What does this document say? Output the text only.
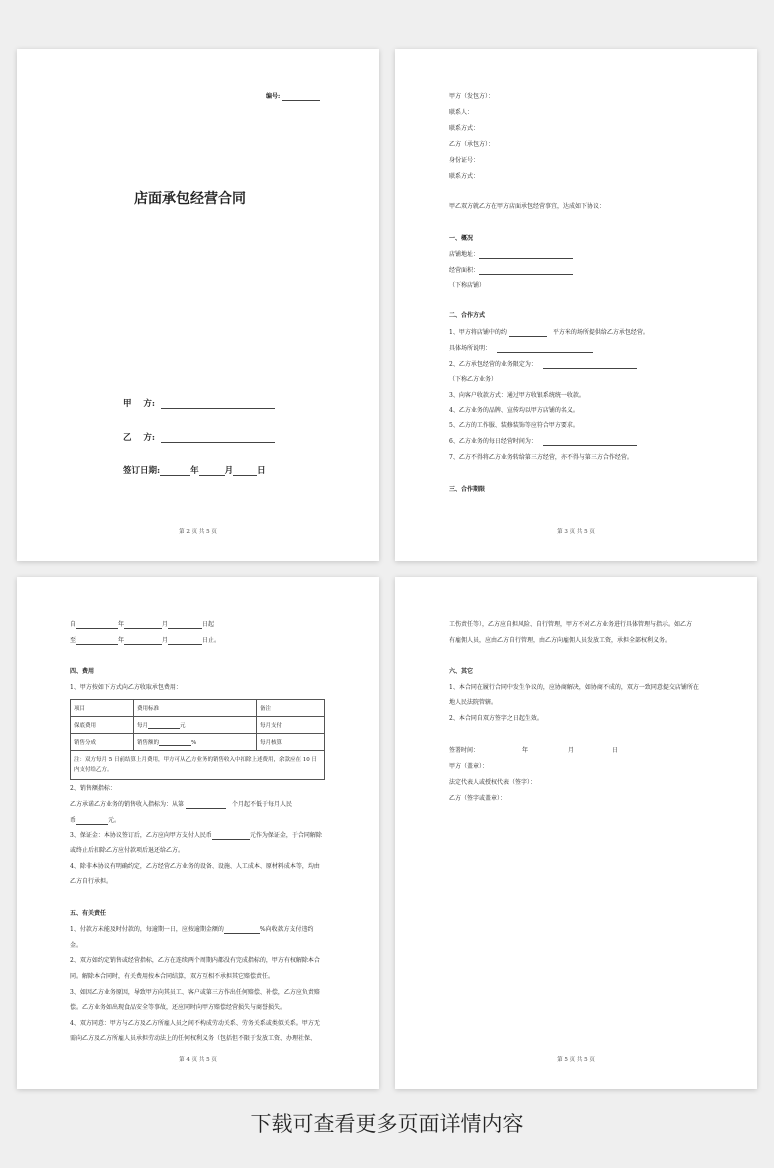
编号:
店面承包经营合同
甲    方:
乙    方:
签订日期:	年	月	日
第 2 页 共 5 页
甲方（发包方）：
联系人：
联系方式：
乙方（承包方）：
身份证号：
联系方式：
甲乙双方就乙方在甲方店面承包经营事宜，达成如下协议：
一、概况
店铺地址：
经营面积：
（下称店铺）
二、合作方式
1、甲方将店铺中的约	平方米的场所提供给乙方承包经营。
具体场所说明：
2、乙方承包经营的业务限定为：
（下称乙方业务）
3、向客户收款方式：通过甲方收银系统统一收款。
4、乙方业务的品牌、宣传均以甲方店铺的名义。
5、乙方的工作服、装修装饰等应符合甲方要求。
6、乙方业务的每日经营时间为：
7、乙方不得将乙方业务转给第三方经营，亦不得与第三方合作经营。
三、合作期限
第 3 页 共 5 页
自	年	月	日起
至	年	月	日止。
四、费用
1、甲方按如下方式向乙方收取承包费用：
项目	费用标准	备注
保底费用	每月 元	每月支付
销售分成	销售额的 %	每月核算
注：双方每月 5 日前结算上月费用，甲方可从乙方业务的销售收入中扣除上述费用，余款应在 10 日内支付给乙方。		
2、销售额指标：
乙方承诺乙方业务的销售收入指标为：从第	个月起不低于每月人民
币	元。
3、保证金：本协议签订后，乙方应向甲方支付人民币	元作为保证金，于合同解除
或终止后扣除乙方应付款项后退还给乙方。
4、除非本协议有明确约定，乙方经营乙方业务的设备、设施、人工成本、原材料成本等，均由
乙方自行承担。
五、有关责任
1、付款方未能及时付款的，每逾期一日，应按逾期金额的	%向收款方支付违约
金。
2、双方如约定销售或经营指标，乙方在连续两个周期内都没有完成指标的，甲方有权解除本合
同。解除本合同时，有关费用按本合同结算，双方互相不承担其它赔偿责任。
3、如因乙方业务原因，导致甲方向其员工、客户或第三方作出任何赔偿、补偿，乙方应负责赔
偿。乙方业务如出现食品安全等事故，还应同时向甲方赔偿经营损失与商誉损失。
4、双方同意：甲方与乙方及乙方所雇人员之间不构成劳动关系、劳务关系或类似关系。甲方无
需向乙方及乙方所雇人员承担劳动法上的任何权利义务（包括但不限于发放工资、办理社保、
第 4 页 共 5 页
工伤责任等），乙方应自担风险、自行管理，甲方不对乙方业务进行具体管理与指示。如乙方
有雇佣人员，应由乙方自行管理，由乙方向雇佣人员发放工资，承担全部权利义务。
六、其它
1、本合同在履行合同中发生争议的，应协商解决，如协商不成的，双方一致同意提交店铺所在
地人民法院管辖。
2、本合同自双方签字之日起生效。
签署时间：	年	月	日
甲方（盖章）：
法定代表人或授权代表（签字）：
乙方（签字或盖章）：
第 5 页 共 5 页
下载可查看更多页面详情内容
